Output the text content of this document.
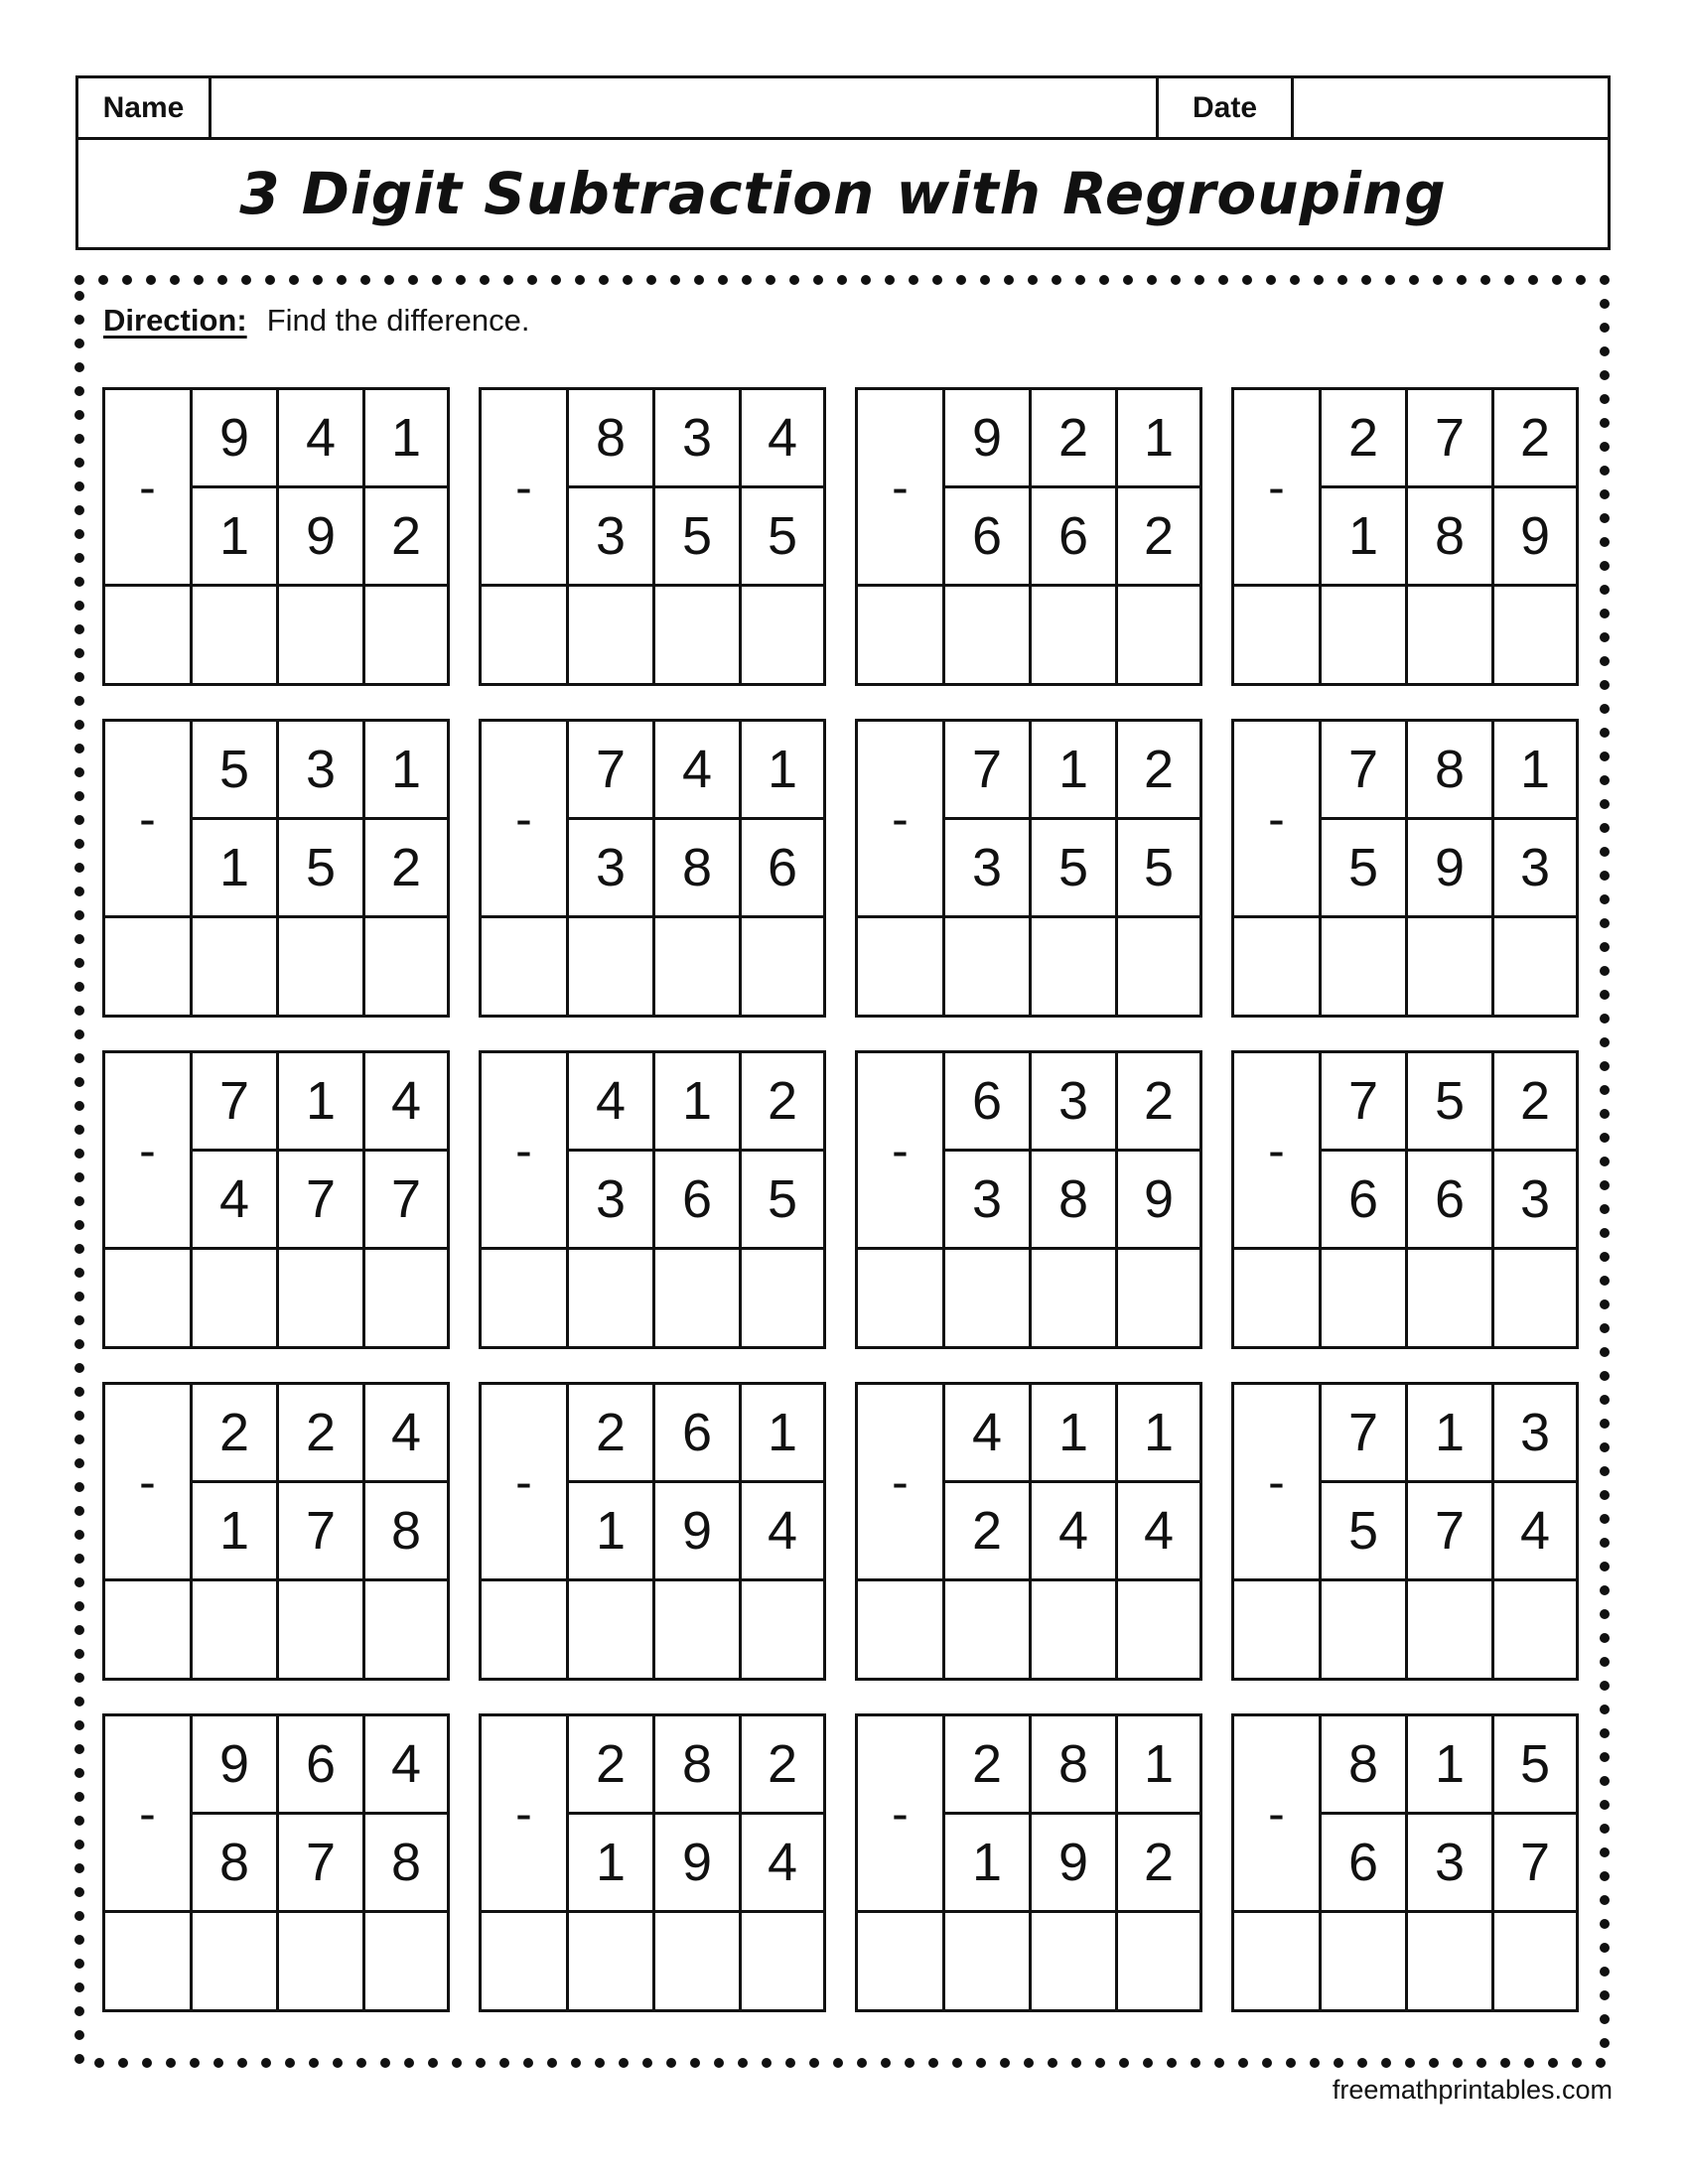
Name	Date
3 Digit Subtraction with Regrouping
Direction: Find the difference.
-
9	4	1
1	9	2
-
8	3	4
3	5	5
-
9	2	1
6	6	2
-
2	7	2
1	8	9
-
5	3	1
1	5	2
-
7	4	1
3	8	6
-
7	1	2
3	5	5
-
7	8	1
5	9	3
-
7	1	4
4	7	7
-
4	1	2
3	6	5
-
6	3	2
3	8	9
-
7	5	2
6	6	3
-
2	2	4
1	7	8
-
2	6	1
1	9	4
-
4	1	1
2	4	4
-
7	1	3
5	7	4
-
9	6	4
8	7	8
-
2	8	2
1	9	4
-
2	8	1
1	9	2
-
8	1	5
6	3	7
freemathprintables.com
